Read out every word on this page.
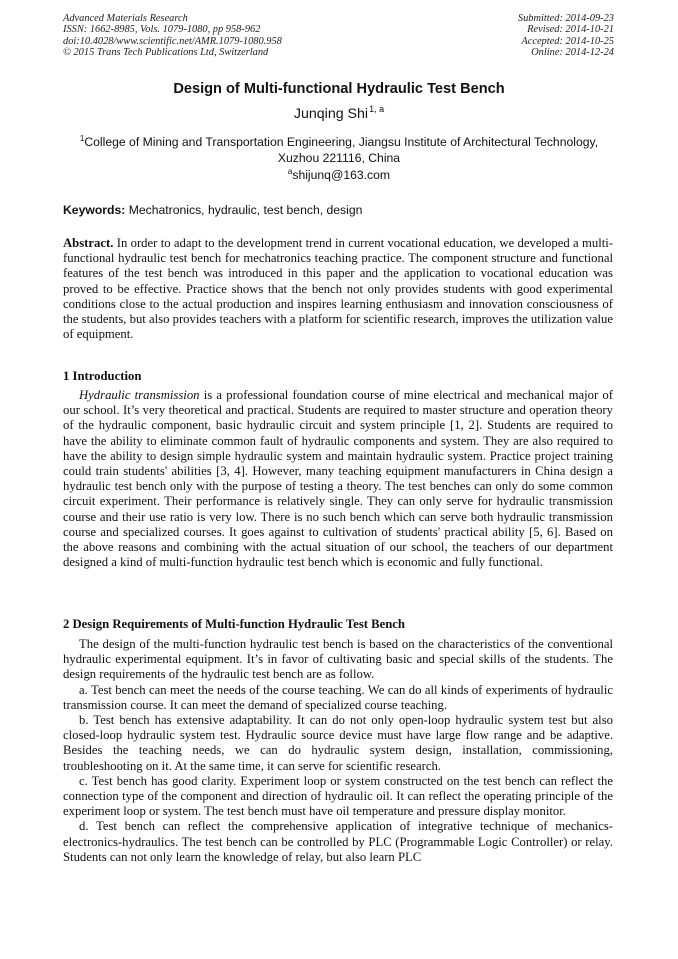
Advanced Materials Research
ISSN: 1662-8985, Vols. 1079-1080, pp 958-962
doi:10.4028/www.scientific.net/AMR.1079-1080.958
© 2015 Trans Tech Publications Ltd, Switzerland
Submitted: 2014-09-23
Revised: 2014-10-21
Accepted: 2014-10-25
Online: 2014-12-24
Design of Multi-functional Hydraulic Test Bench
Junqing Shi$^{1, a}$
$^1$College of Mining and Transportation Engineering, Jiangsu Institute of Architectural Technology, Xuzhou 221116, China
$^a$shijunq@163.com
Keywords: Mechatronics, hydraulic, test bench, design

Abstract. In order to adapt to the development trend in current vocational education, we developed a multi-functional hydraulic test bench for mechatronics teaching practice. The component structure and functional features of the test bench was introduced in this paper and the application to vocational education was proved to be effective. Practice shows that the bench not only provides students with good experimental conditions close to the actual production and inspires learning enthusiasm and innovation consciousness of the students, but also provides teachers with a platform for scientific research, improves the utilization value of equipment.

1 Introduction

Hydraulic transmission is a professional foundation course of mine electrical and mechanical major of our school. It’s very theoretical and practical. Students are required to master structure and operation theory of the hydraulic component, basic hydraulic circuit and system principle [1, 2]. Students are required to have the ability to eliminate common fault of hydraulic components and system. They are also required to have the ability to design simple hydraulic system and maintain hydraulic system. Practice project training could train students' abilities [3, 4]. However, many teaching equipment manufacturers in China design a hydraulic test bench only with the purpose of testing a theory. The test benches can only do some common circuit experiment. Their performance is relatively single. They can only serve for hydraulic transmission course and their use ratio is very low. There is no such bench which can serve both hydraulic transmission course and specialized courses. It goes against to cultivation of students' practical ability [5, 6]. Based on the above reasons and combining with the actual situation of our school, the teachers of our department designed a kind of multi-function hydraulic test bench which is economic and fully functional.

2 Design Requirements of Multi-function Hydraulic Test Bench

The design of the multi-function hydraulic test bench is based on the characteristics of the conventional hydraulic experimental equipment. It’s in favor of cultivating basic and special skills of the students. The design requirements of the hydraulic test bench are as follow.

a. Test bench can meet the needs of the course teaching. We can do all kinds of experiments of hydraulic transmission course. It can meet the demand of specialized course teaching.

b. Test bench has extensive adaptability. It can do not only open-loop hydraulic system test but also closed-loop hydraulic system test. Hydraulic source device must have large flow range and be adaptive. Besides the teaching needs, we can do hydraulic system design, installation, commissioning, troubleshooting on it. At the same time, it can serve for scientific research.

c. Test bench has good clarity. Experiment loop or system constructed on the test bench can reflect the connection type of the component and direction of hydraulic oil. It can reflect the operating principle of the experiment loop or system. The test bench must have oil temperature and pressure display monitor.

d. Test bench can reflect the comprehensive application of integrative technique of mechanics-electronics-hydraulics. The test bench can be controlled by PLC (Programmable Logic Controller) or relay. Students can not only learn the knowledge of relay, but also learn PLC
